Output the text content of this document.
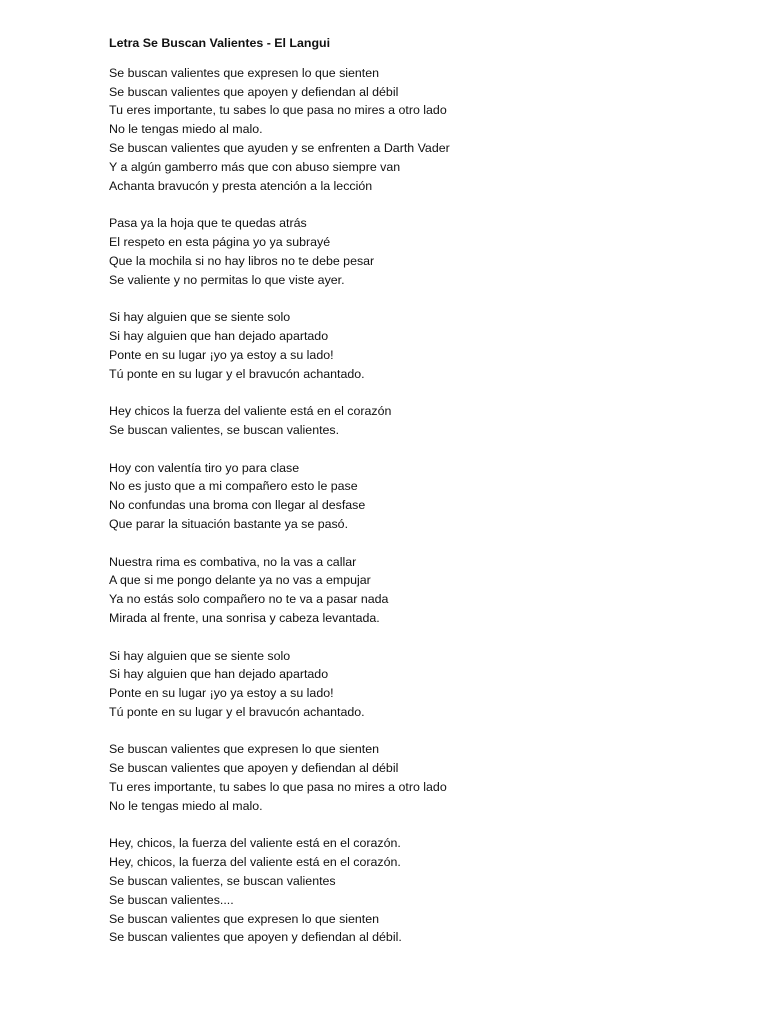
Letra Se Buscan Valientes - El Langui
Se buscan valientes que expresen lo que sienten
Se buscan valientes que apoyen y defiendan al débil
Tu eres importante, tu sabes lo que pasa no mires a otro lado
No le tengas miedo al malo.
Se buscan valientes que ayuden y se enfrenten a Darth Vader
Y a algún gamberro más que con abuso siempre van
Achanta bravucón y presta atención a la lección
Pasa ya la hoja que te quedas atrás
El respeto en esta página yo ya subrayé
Que la mochila si no hay libros no te debe pesar
Se valiente y no permitas lo que viste ayer.
Si hay alguien que se siente solo
Si hay alguien que han dejado apartado
Ponte en su lugar ¡yo ya estoy a su lado!
Tú ponte en su lugar y el bravucón achantado.
Hey chicos la fuerza del valiente está en el corazón
Se buscan valientes, se buscan valientes.
Hoy con valentía tiro yo para clase
No es justo que a mi compañero esto le pase
No confundas una broma con llegar al desfase
Que parar la situación bastante ya se pasó.
Nuestra rima es combativa, no la vas a callar
A que si me pongo delante ya no vas a empujar
Ya no estás solo compañero no te va a pasar nada
Mirada al frente, una sonrisa y cabeza levantada.
Si hay alguien que se siente solo
Si hay alguien que han dejado apartado
Ponte en su lugar ¡yo ya estoy a su lado!
Tú ponte en su lugar y el bravucón achantado.
Se buscan valientes que expresen lo que sienten
Se buscan valientes que apoyen y defiendan al débil
Tu eres importante, tu sabes lo que pasa no mires a otro lado
No le tengas miedo al malo.
Hey, chicos, la fuerza del valiente está en el corazón.
Hey, chicos, la fuerza del valiente está en el corazón.
Se buscan valientes, se buscan valientes
Se buscan valientes....
Se buscan valientes que expresen lo que sienten
Se buscan valientes que apoyen y defiendan al débil.
